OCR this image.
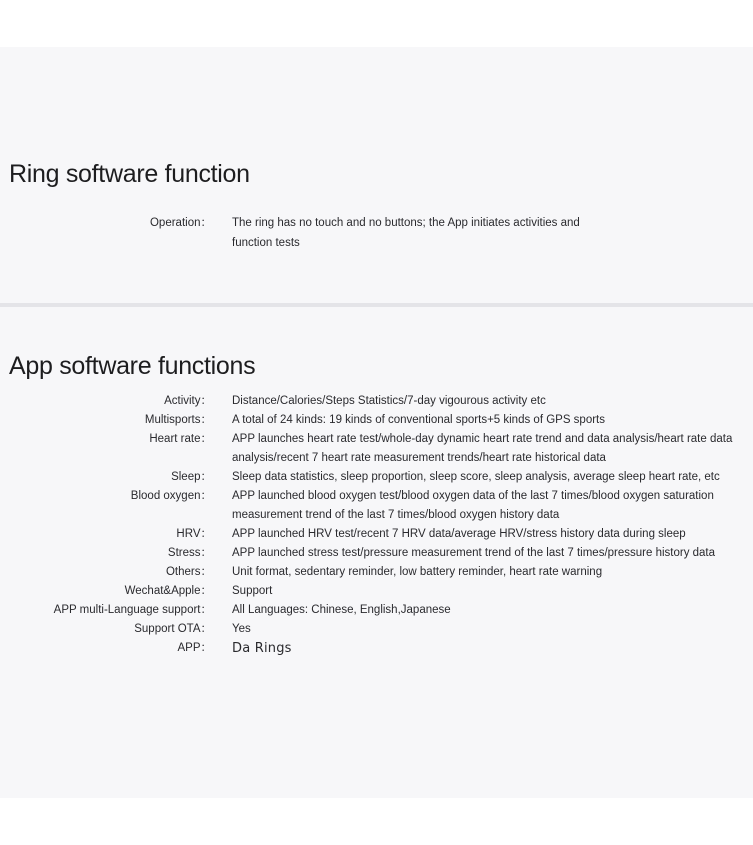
Ring software function
Operation： The ring has no touch and no buttons; the App initiates activities and function tests
App software functions
Activity： Distance/Calories/Steps Statistics/7-day vigourous activity etc
Multisports： A total of 24 kinds: 19 kinds of conventional sports+5 kinds of GPS sports
Heart rate： APP launches heart rate test/whole-day dynamic heart rate trend and data analysis/heart rate data analysis/recent 7 heart rate measurement trends/heart rate historical data
Sleep： Sleep data statistics, sleep proportion, sleep score, sleep analysis, average sleep heart rate, etc
Blood oxygen： APP launched blood oxygen test/blood oxygen data of the last 7 times/blood oxygen saturation measurement trend of the last 7 times/blood oxygen history data
HRV： APP launched HRV test/recent 7 HRV data/average HRV/stress history data during sleep
Stress： APP launched stress test/pressure measurement trend of the last 7 times/pressure history data
Others： Unit format, sedentary reminder, low battery reminder, heart rate warning
Wechat&Apple： Support
APP multi-Language support： All Languages: Chinese, English,Japanese
Support OTA： Yes
APP： Da Rings
